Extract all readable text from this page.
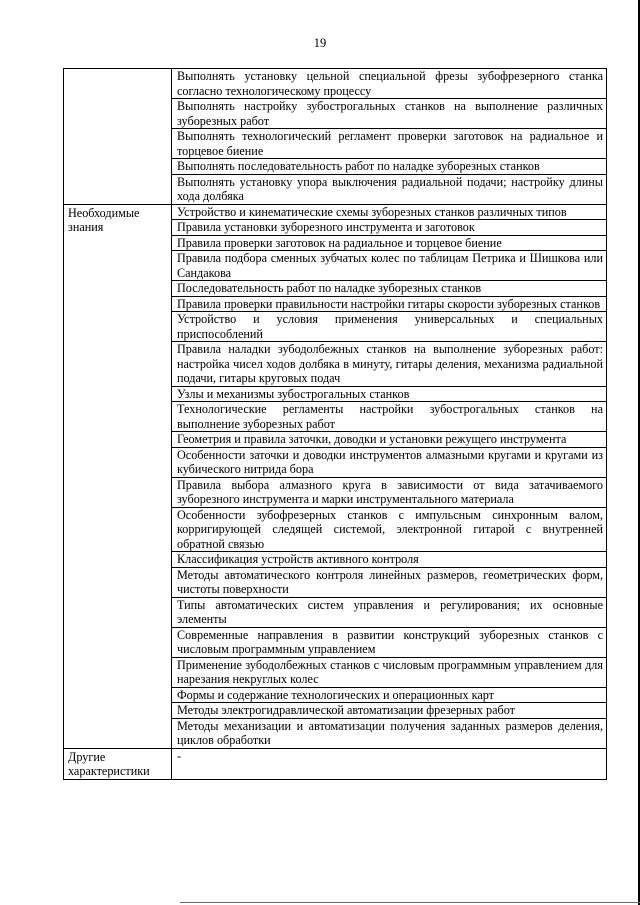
19
	Выполнять установку цельной специальной фрезы зубофрезерного станка согласно технологическому процессу
	Выполнять настройку зубострогальных станков на выполнение различных зуборезных работ
	Выполнять технологический регламент проверки заготовок на радиальное и торцевое биение
	Выполнять последовательность работ по наладке зуборезных станков
	Выполнять установку упора выключения радиальной подачи; настройку длины хода долбяка
Необходимые знания	Устройство и кинематические схемы зуборезных станков различных типов
	Правила установки зуборезного инструмента и заготовок
	Правила проверки заготовок на радиальное и торцевое биение
	Правила подбора сменных зубчатых колес по таблицам Петрика и Шишкова или Сандакова
	Последовательность работ по наладке зуборезных станков
	Правила проверки правильности настройки гитары скорости зуборезных станков
	Устройство и условия применения универсальных и специальных приспособлений
	Правила наладки зубодолбежных станков на выполнение зуборезных работ: настройка чисел ходов долбяка в минуту, гитары деления, механизма радиальной подачи, гитары круговых подач
	Узлы и механизмы зубострогальных станков
	Технологические регламенты настройки зубострогальных станков на выполнение зуборезных работ
	Геометрия и правила заточки, доводки и установки режущего инструмента
	Особенности заточки и доводки инструментов алмазными кругами и кругами из кубического нитрида бора
	Правила выбора алмазного круга в зависимости от вида затачиваемого зуборезного инструмента и марки инструментального материала
	Особенности зубофрезерных станков с импульсным синхронным валом, корригирующей следящей системой, электронной гитарой с внутренней обратной связью
	Классификация устройств активного контроля
	Методы автоматического контроля линейных размеров, геометрических форм, чистоты поверхности
	Типы автоматических систем управления и регулирования; их основные элементы
	Современные направления в развитии конструкций зуборезных станков с числовым программным управлением
	Применение зубодолбежных станков с числовым программным управлением для нарезания некруглых колес
	Формы и содержание технологических и операционных карт
	Методы электрогидравлической автоматизации фрезерных работ
	Методы механизации и автоматизации получения заданных размеров деления, циклов обработки
Другие характеристики	-
